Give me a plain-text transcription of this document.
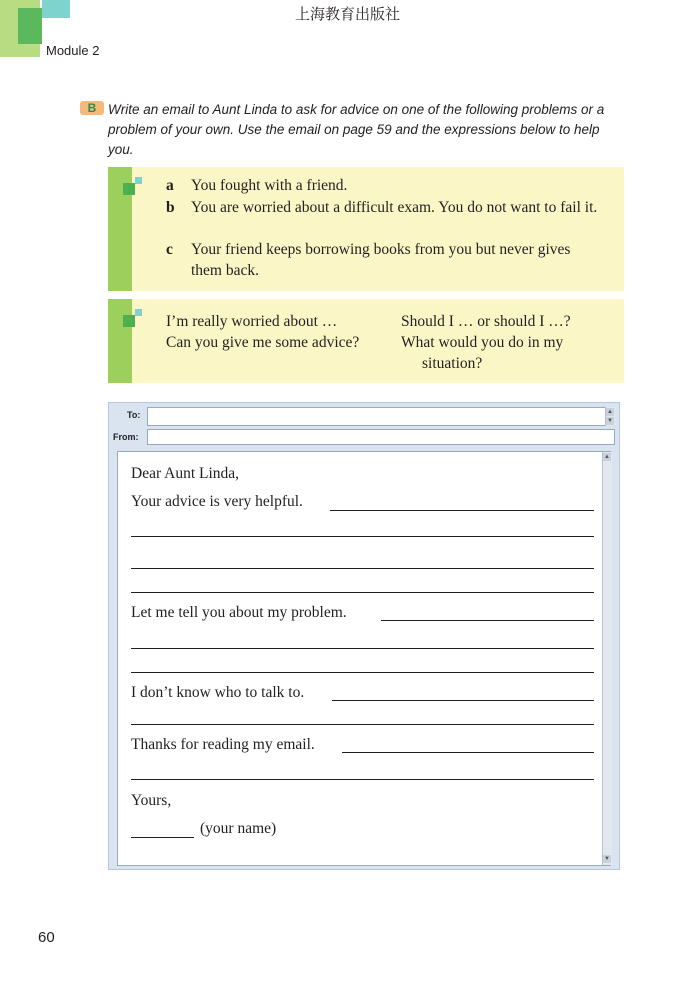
上海教育出版社
Module 2
B Write an email to Aunt Linda to ask for advice on one of the following problems or a problem of your own. Use the email on page 59 and the expressions below to help you.
a You fought with a friend.
b You are worried about a difficult exam. You do not want to fail it.
c Your friend keeps borrowing books from you but never gives them back.
I’m really worried about …
Can you give me some advice?
Should I … or should I …?
What would you do in my
situation?
To:	▲
▼
From:
▲
▼
Dear Aunt Linda,
Your advice is very helpful.
Let me tell you about my problem.
I don’t know who to talk to.
Thanks for reading my email.
Yours,
(your name)
60
